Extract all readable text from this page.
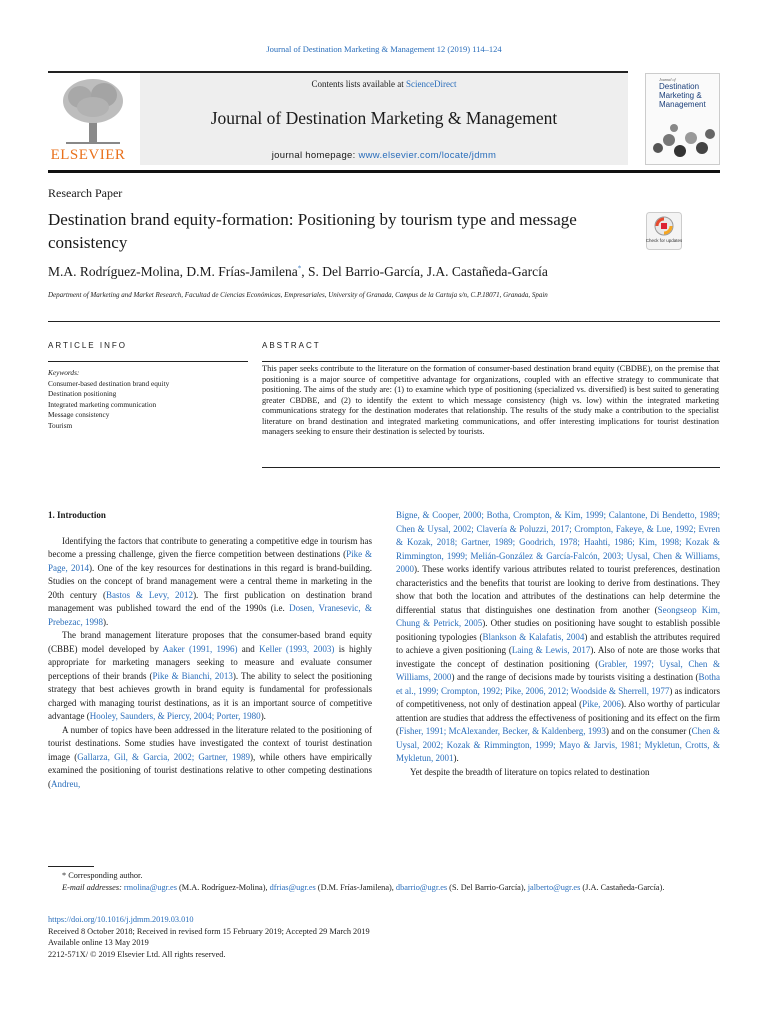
Journal of Destination Marketing & Management 12 (2019) 114–124
ELSEVIER
Contents lists available at ScienceDirect
Journal of Destination Marketing & Management
journal homepage: www.elsevier.com/locate/jdmm
Journal of
Destination
Marketing &
Management
Research Paper
Destination brand equity-formation: Positioning by tourism type and message consistency	Check for updates
M.A. Rodríguez-Molina, D.M. Frías-Jamilena*, S. Del Barrio-García, J.A. Castañeda-García
Department of Marketing and Market Research, Facultad de Ciencias Económicas, Empresariales, University of Granada, Campus de la Cartuja s/n, C.P.18071, Granada, Spain
ARTICLE INFO
Keywords:
Consumer-based destination brand equity
Destination positioning
Integrated marketing communication
Message consistency
Tourism
ABSTRACT
This paper seeks contribute to the literature on the formation of consumer-based destination brand equity (CBDBE), on the premise that positioning is a major source of competitive advantage for organizations, coupled with an effective strategy to communicate that positioning. The aims of the study are: (1) to examine which type of positioning (specialized vs. diversified) is best suited to generating greater CBDBE, and (2) to identify the extent to which message consistency (high vs. low) within the integrated marketing communications strategy for the destination moderates that relationship. The results of the study make a contribution to the specialist literature on brand destination and integrated marketing communications, and offer interesting implications for tourist destination managers seeking to ensure their destination is selected by tourists.
1. Introduction

Identifying the factors that contribute to generating a competitive edge in tourism has become a pressing challenge, given the fierce competition between destinations (Pike & Page, 2014). One of the key resources for destinations in this regard is brand-building. Studies on the concept of brand management were a central theme in marketing in the 20th century (Bastos & Levy, 2012). The first publication on destination brand management was published toward the end of the 1990s (i.e. Dosen, Vranesevic, & Prebezac, 1998).

The brand management literature proposes that the consumer-based brand equity (CBBE) model developed by Aaker (1991, 1996) and Keller (1993, 2003) is highly appropriate for marketing managers seeking to measure and evaluate consumer perceptions of their brands (Pike & Bianchi, 2013). The ability to select the positioning strategy that best achieves growth in brand equity is fundamental for professionals charged with managing tourist destinations, as it is an important source of competitive advantage (Hooley, Saunders, & Piercy, 2004; Porter, 1980).

A number of topics have been addressed in the literature related to the positioning of tourist destinations. Some studies have investigated the context of tourist destination image (Gallarza, Gil, & Garcia, 2002; Gartner, 1989), while others have empirically examined the positioning of tourist destinations relative to other competing destinations (Andreu,

Bigne, & Cooper, 2000; Botha, Crompton, & Kim, 1999; Calantone, Di Bendetto, 1989; Chen & Uysal, 2002; Clavería & Poluzzi, 2017; Crompton, Fakeye, & Lue, 1992; Evren & Kozak, 2018; Gartner, 1989; Goodrich, 1978; Haahti, 1986; Kim, 1998; Kozak & Rimmington, 1999; Melián-González & García-Falcón, 2003; Uysal, Chen & Williams, 2000). These works identify various attributes related to tourist preferences, destination characteristics and the benefits that tourist are looking to derive from destinations. They show that both the location and attributes of the destinations can help determine the differential status that distinguishes one destination from another (Seongseop Kim, Chung & Petrick, 2005). Other studies on positioning have sought to establish possible positioning typologies (Blankson & Kalafatis, 2004) and establish the attributes required to achieve a given positioning (Laing & Lewis, 2017). Also of note are those works that investigate the concept of destination positioning (Grabler, 1997; Uysal, Chen & Williams, 2000) and the range of decisions made by tourists visiting a destination (Botha et al., 1999; Crompton, 1992; Pike, 2006, 2012; Woodside & Sherrell, 1977) as indicators of competitiveness, not only of destination appeal (Pike, 2006). Also worthy of particular attention are studies that address the effectiveness of positioning and its effect on the firm (Fisher, 1991; McAlexander, Becker, & Kaldenberg, 1993) and on the consumer (Chen & Uysal, 2002; Kozak & Rimmington, 1999; Mayo & Jarvis, 1981; Mykletun, Crotts, & Mykletun, 2001).

Yet despite the breadth of literature on topics related to destination

* Corresponding author.
E-mail addresses: rmolina@ugr.es (M.A. Rodríguez-Molina), dfrias@ugr.es (D.M. Frías-Jamilena), dbarrio@ugr.es (S. Del Barrio-García), jalberto@ugr.es (J.A. Castañeda-García).
https://doi.org/10.1016/j.jdmm.2019.03.010
Received 8 October 2018; Received in revised form 15 February 2019; Accepted 29 March 2019
Available online 13 May 2019
2212-571X/ © 2019 Elsevier Ltd. All rights reserved.
